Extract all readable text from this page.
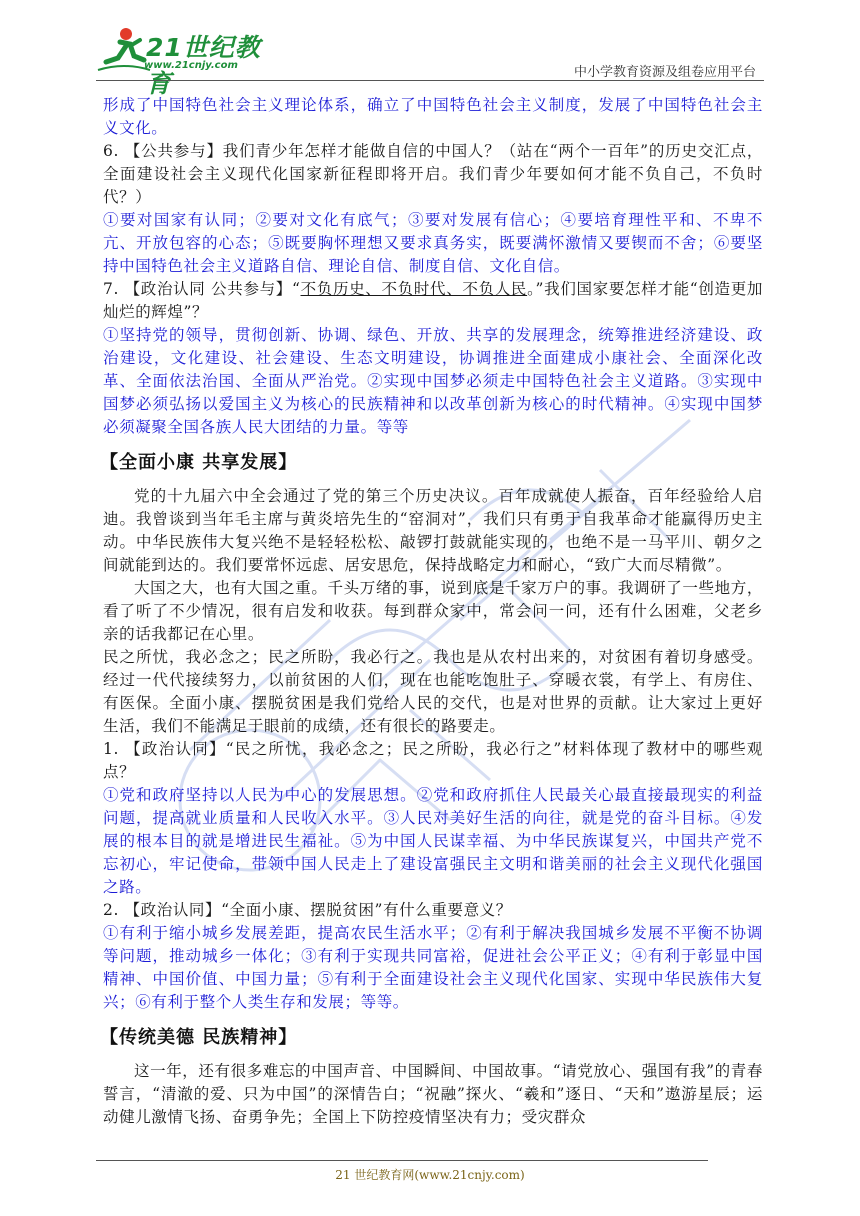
21世纪教育
www.21cnjy.com	中小学教育资源及组卷应用平台

形成了中国特色社会主义理论体系，确立了中国特色社会主义制度，发展了中国特色社会主义文化。

6. 【公共参与】我们青少年怎样才能做自信的中国人？（站在“两个一百年”的历史交汇点，全面建设社会主义现代化国家新征程即将开启。我们青少年要如何才能不负自己，不负时代？）

①要对国家有认同；②要对文化有底气；③要对发展有信心；④要培育理性平和、不卑不亢、开放包容的心态；⑤既要胸怀理想又要求真务实，既要满怀激情又要锲而不舍；⑥要坚持中国特色社会主义道路自信、理论自信、制度自信、文化自信。

7. 【政治认同 公共参与】“不负历史、不负时代、不负人民。”我们国家要怎样才能“创造更加灿烂的辉煌”？

①坚持党的领导，贯彻创新、协调、绿色、开放、共享的发展理念，统筹推进经济建设、政治建设，文化建设、社会建设、生态文明建设，协调推进全面建成小康社会、全面深化改革、全面依法治国、全面从严治党。②实现中国梦必须走中国特色社会主义道路。③实现中国梦必须弘扬以爱国主义为核心的民族精神和以改革创新为核心的时代精神。④实现中国梦必须凝聚全国各族人民大团结的力量。等等

【全面小康 共享发展】

党的十九届六中全会通过了党的第三个历史决议。百年成就使人振奋，百年经验给人启迪。我曾谈到当年毛主席与黄炎培先生的“窑洞对”，我们只有勇于自我革命才能赢得历史主动。中华民族伟大复兴绝不是轻轻松松、敲锣打鼓就能实现的，也绝不是一马平川、朝夕之间就能到达的。我们要常怀远虑、居安思危，保持战略定力和耐心，“致广大而尽精微”。

大国之大，也有大国之重。千头万绪的事，说到底是千家万户的事。我调研了一些地方，看了听了不少情况，很有启发和收获。每到群众家中，常会问一问，还有什么困难，父老乡亲的话我都记在心里。

民之所忧，我必念之；民之所盼，我必行之。我也是从农村出来的，对贫困有着切身感受。经过一代代接续努力，以前贫困的人们，现在也能吃饱肚子、穿暖衣裳，有学上、有房住、有医保。全面小康、摆脱贫困是我们党给人民的交代，也是对世界的贡献。让大家过上更好生活，我们不能满足于眼前的成绩，还有很长的路要走。

1. 【政治认同】“民之所忧，我必念之；民之所盼，我必行之”材料体现了教材中的哪些观点？

①党和政府坚持以人民为中心的发展思想。②党和政府抓住人民最关心最直接最现实的利益问题，提高就业质量和人民收入水平。③人民对美好生活的向往，就是党的奋斗目标。④发展的根本目的就是增进民生福祉。⑤为中国人民谋幸福、为中华民族谋复兴，中国共产党不忘初心，牢记使命，带领中国人民走上了建设富强民主文明和谐美丽的社会主义现代化强国之路。

2. 【政治认同】“全面小康、摆脱贫困”有什么重要意义？

①有利于缩小城乡发展差距，提高农民生活水平；②有利于解决我国城乡发展不平衡不协调等问题，推动城乡一体化；③有利于实现共同富裕，促进社会公平正义；④有利于彰显中国精神、中国价值、中国力量；⑤有利于全面建设社会主义现代化国家、实现中华民族伟大复兴；⑥有利于整个人类生存和发展；等等。

【传统美德 民族精神】

这一年，还有很多难忘的中国声音、中国瞬间、中国故事。“请党放心、强国有我”的青春誓言，“清澈的爱、只为中国”的深情告白；“祝融”探火、“羲和”逐日、“天和”遨游星辰；运动健儿激情飞扬、奋勇争先；全国上下防控疫情坚决有力；受灾群众

21 世纪教育网(www.21cnjy.com)
